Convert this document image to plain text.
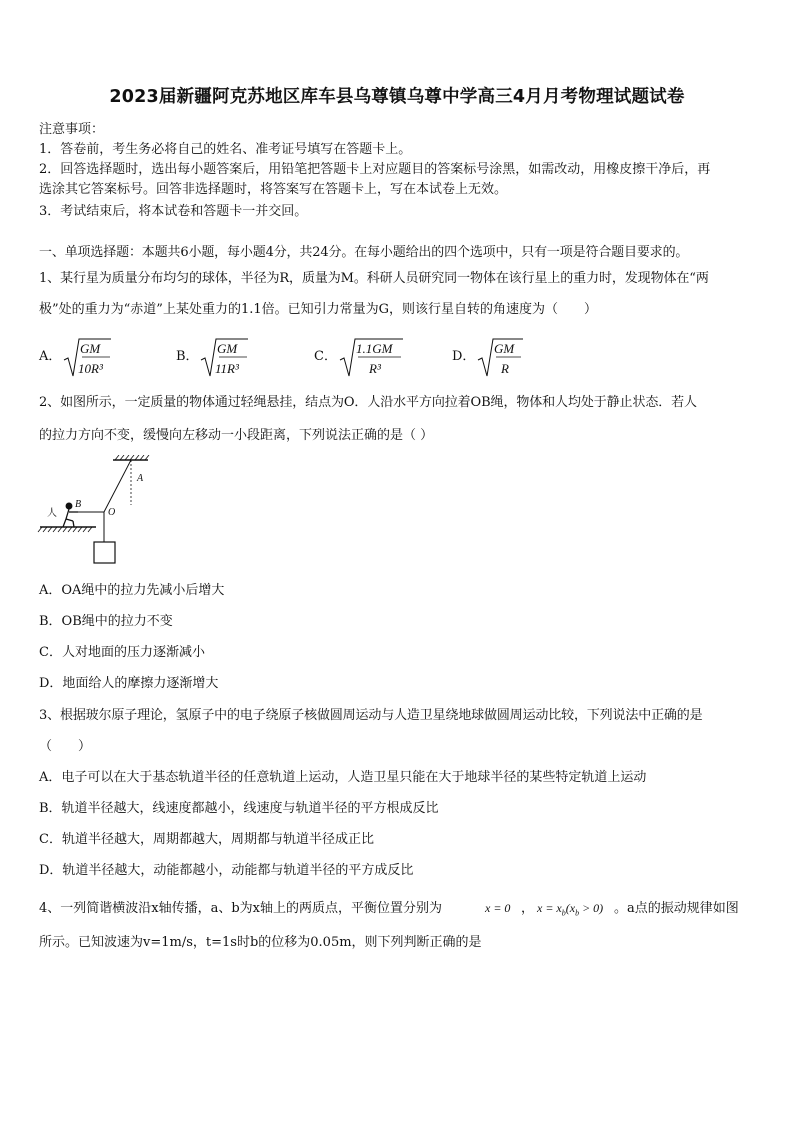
2023届新疆阿克苏地区库车县乌尊镇乌尊中学高三4月月考物理试题试卷
注意事项：
1．答卷前，考生务必将自己的姓名、准考证号填写在答题卡上。
2．回答选择题时，选出每小题答案后，用铅笔把答题卡上对应题目的答案标号涂黑，如需改动，用橡皮擦干净后，再
选涂其它答案标号。回答非选择题时，将答案写在答题卡上，写在本试卷上无效。
3．考试结束后，将本试卷和答题卡一并交回。
一、单项选择题：本题共6小题，每小题4分，共24分。在每小题给出的四个选项中，只有一项是符合题目要求的。
1、某行星为质量分布均匀的球体，半径为R，质量为M。科研人员研究同一物体在该行星上的重力时，发现物体在“两
极”处的重力为“赤道”上某处重力的1.1倍。已知引力常量为G，则该行星自转的角速度为（　　）
A．
GM
10R³
B．
GM
11R³
C．
1.1GM
R³
D．
GM
R
2、如图所示，一定质量的物体通过轻绳悬挂，结点为O．人沿水平方向拉着OB绳，物体和人均处于静止状态．若人
的拉力方向不变，缓慢向左移动一小段距离，下列说法正确的是（ ）
人
B
O
A
A．OA绳中的拉力先减小后增大
B．OB绳中的拉力不变
C．人对地面的压力逐渐减小
D．地面给人的摩擦力逐渐增大
3、根据玻尔原子理论，氢原子中的电子绕原子核做圆周运动与人造卫星绕地球做圆周运动比较，下列说法中正确的是
（　　）
A．电子可以在大于基态轨道半径的任意轨道上运动，人造卫星只能在大于地球半径的某些特定轨道上运动
B．轨道半径越大，线速度都越小，线速度与轨道半径的平方根成反比
C．轨道半径越大，周期都越大，周期都与轨道半径成正比
D．轨道半径越大，动能都越小，动能都与轨道半径的平方成反比
4、一列简谐横波沿x轴传播，a、b为x轴上的两质点，平衡位置分别为	x = 0 ， $x = x_b(x_b > 0)$ 。a点的振动规律如图
所示。已知波速为v=1m/s，t=1s时b的位移为0.05m，则下列判断正确的是
